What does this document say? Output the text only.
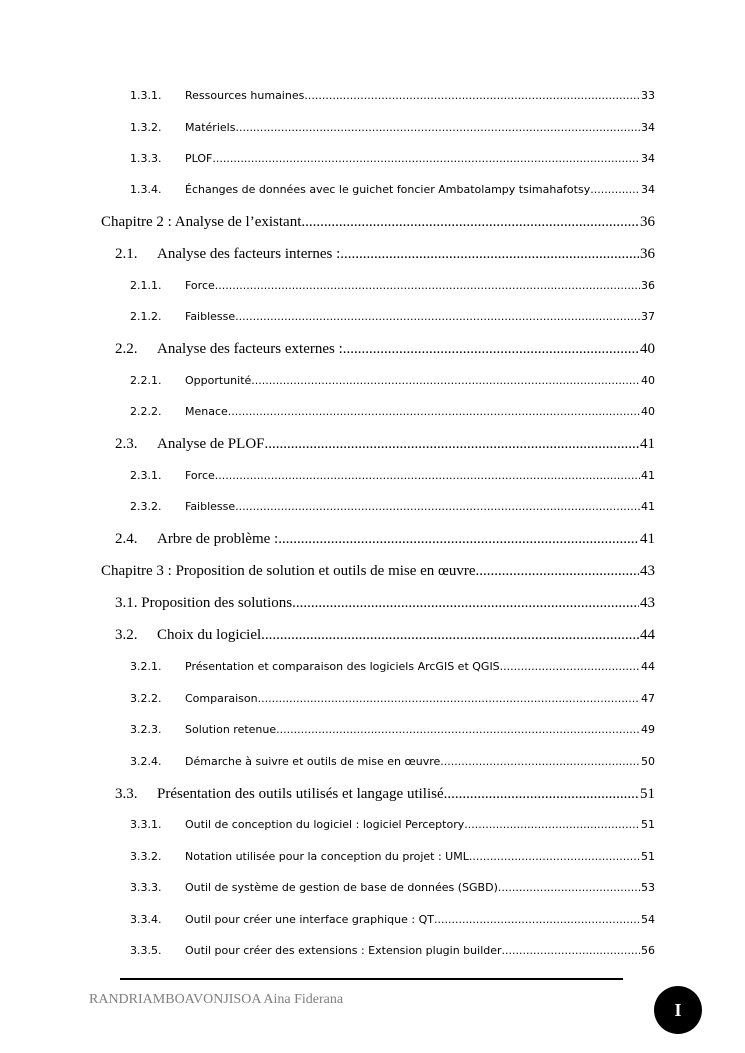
1.3.1.	Ressources humaines .....	33
1.3.2.	Matériels .....	34
1.3.3.	PLOF .....	34
1.3.4.	Échanges de données avec le guichet foncier Ambatolampy tsimahafotsy .....	34
Chapitre 2 : Analyse de l’existant .....	36
2.1.	Analyse des facteurs internes : .....	36
2.1.1.	Force .....	36
2.1.2.	Faiblesse .....	37
2.2.	Analyse des facteurs externes : .....	40
2.2.1.	Opportunité .....	40
2.2.2.	Menace .....	40
2.3.	Analyse de PLOF .....	41
2.3.1.	Force .....	41
2.3.2.	Faiblesse .....	41
2.4.	Arbre de problème : .....	41
Chapitre 3 : Proposition de solution et outils de mise en œuvre. .....	43
3.1. Proposition des solutions .....	43
3.2.	Choix du logiciel .....	44
3.2.1.	Présentation et comparaison des logiciels ArcGIS et QGIS .....	44
3.2.2.	Comparaison .....	47
3.2.3.	Solution retenue .....	49
3.2.4.	Démarche à suivre et outils de mise en œuvre .....	50
3.3.	Présentation des outils utilisés et langage utilisé .....	51
3.3.1.	Outil de conception du logiciel : logiciel Perceptory .....	51
3.3.2.	Notation utilisée pour la conception du projet : UML .....	51
3.3.3.	Outil de système de gestion de base de données (SGBD) .....	53
3.3.4.	Outil pour créer une interface graphique : QT .....	54
3.3.5.	Outil pour créer des extensions : Extension plugin builder .....	56
RANDRIAMBOAVONJISOA Aina Fiderana	I
